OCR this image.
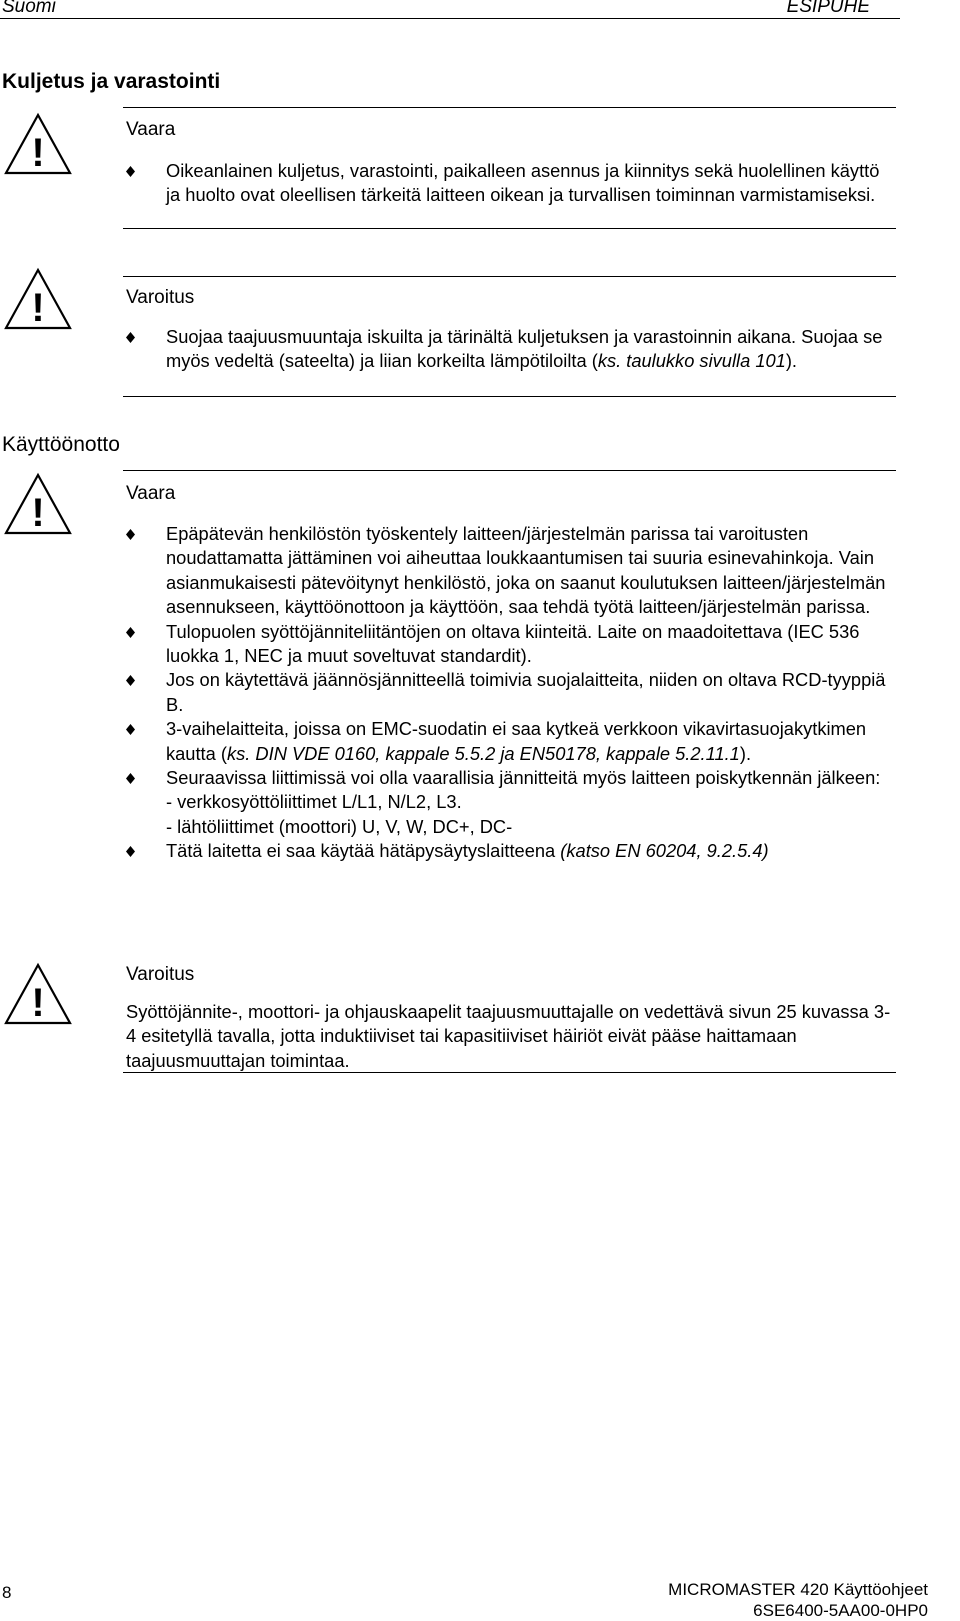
Suomi	ESIPUHE
Kuljetus ja varastointi
!
Vaara
Oikeanlainen kuljetus, varastointi, paikalleen asennus ja kiinnitys sekä huolellinen käyttö ja huolto ovat oleellisen tärkeitä laitteen oikean ja turvallisen toiminnan varmistamiseksi.
!	Varoitus
Suojaa taajuusmuuntaja iskuilta ja tärinältä kuljetuksen ja varastoinnin aikana. Suojaa se myös vedeltä (sateelta) ja liian korkeilta lämpötiloilta (ks. taulukko sivulla 101).
Käyttöönotto
!	Vaara
Epäpätevän henkilöstön työskentely laitteen/järjestelmän parissa tai varoitusten noudattamatta jättäminen voi aiheuttaa loukkaantumisen tai suuria esinevahinkoja. Vain asianmukaisesti pätevöitynyt henkilöstö, joka on saanut koulutuksen laitteen/järjestelmän asennukseen, käyttöönottoon ja käyttöön, saa tehdä työtä laitteen/järjestelmän parissa.
Tulopuolen syöttöjänniteliitäntöjen on oltava kiinteitä. Laite on maadoitettava (IEC 536 luokka 1, NEC ja muut soveltuvat standardit).
Jos on käytettävä jäännösjännitteellä toimivia suojalaitteita, niiden on oltava RCD-tyyppiä B.
3-vaihelaitteita, joissa on EMC-suodatin ei saa kytkeä verkkoon vikavirtasuojakytkimen kautta (ks. DIN VDE 0160, kappale 5.5.2 ja EN50178, kappale 5.2.11.1).
Seuraavissa liittimissä voi olla vaarallisia jännitteitä myös laitteen poiskytkennän jälkeen:
- verkkosyöttöliittimet L/L1, N/L2, L3.
- lähtöliittimet (moottori) U, V, W, DC+, DC-
Tätä laitetta ei saa käytää hätäpysäytyslaitteena (katso EN 60204, 9.2.5.4)
!
Varoitus

Syöttöjännite-, moottori- ja ohjauskaapelit taajuusmuuttajalle on vedettävä sivun 25 kuvassa 3-4 esitetyllä tavalla, jotta induktiiviset tai kapasitiiviset häiriöt eivät pääse haittamaan taajuusmuuttajan toimintaa.

8	MICROMASTER 420 Käyttöohjeet
6SE6400-5AA00-0HP0
